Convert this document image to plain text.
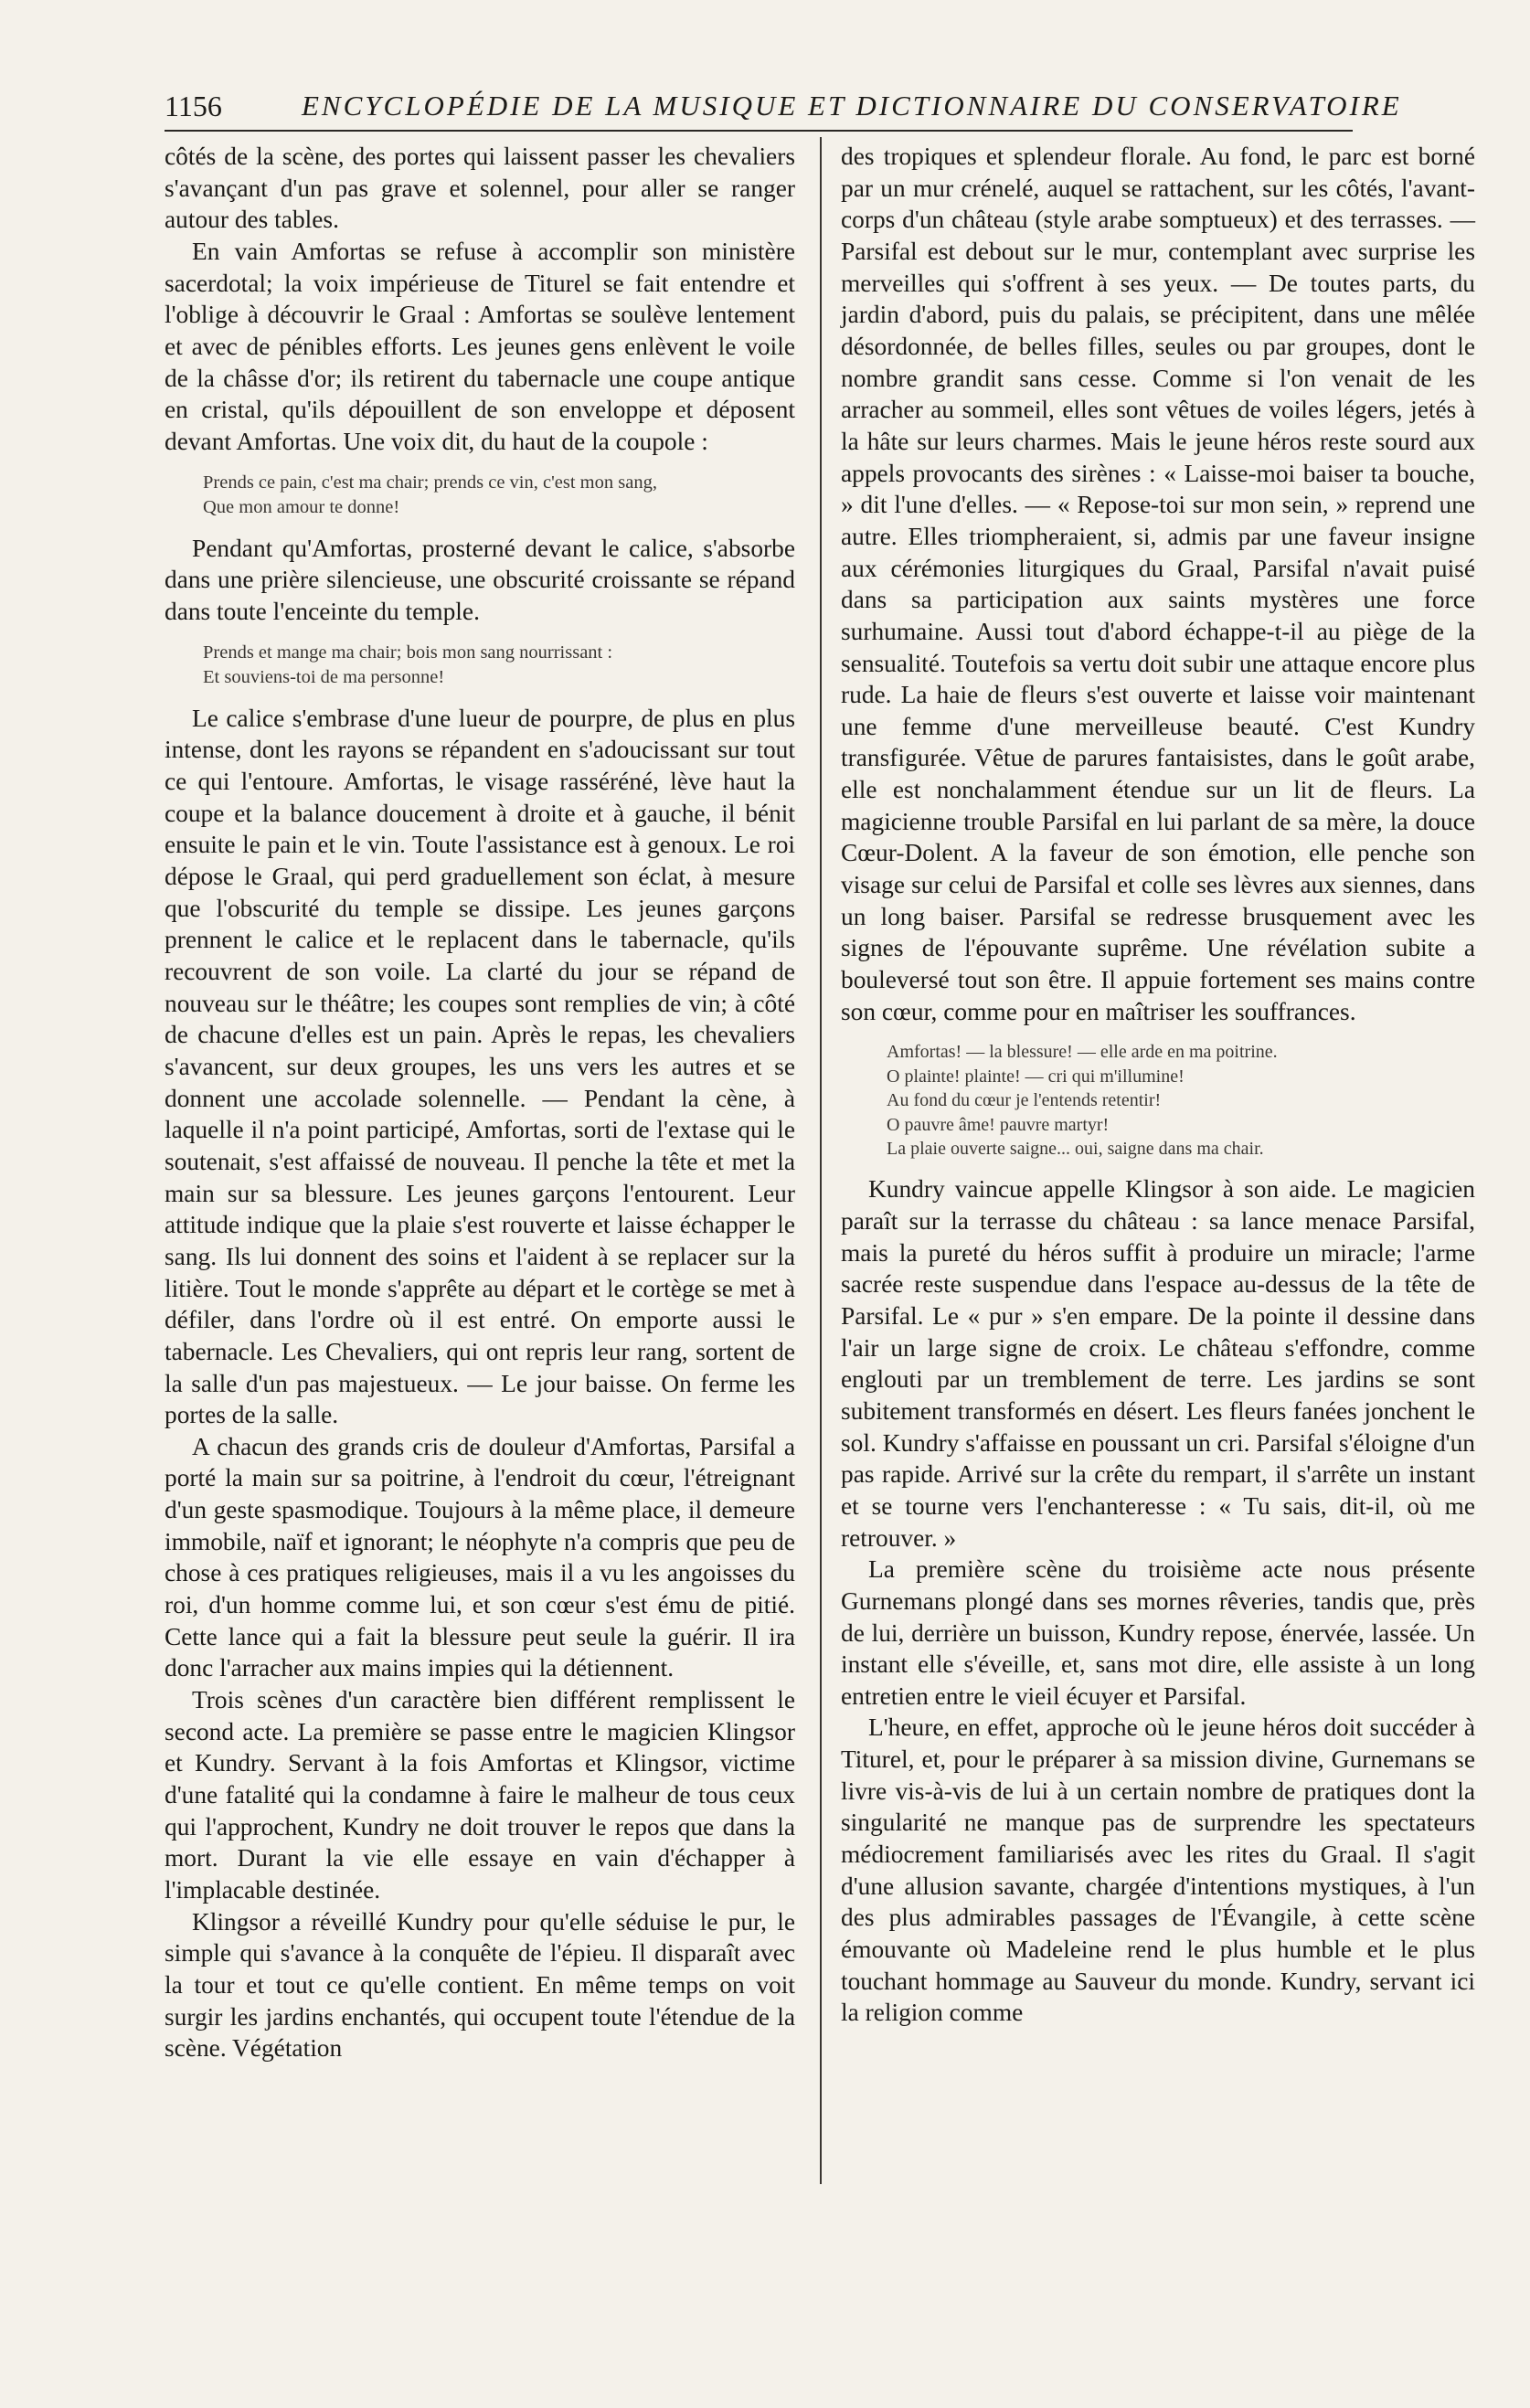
1156	ENCYCLOPÉDIE DE LA MUSIQUE ET DICTIONNAIRE DU CONSERVATOIRE

côtés de la scène, des portes qui laissent passer les chevaliers s'avançant d'un pas grave et solennel, pour aller se ranger autour des tables.

En vain Amfortas se refuse à accomplir son ministère sacerdotal; la voix impérieuse de Titurel se fait entendre et l'oblige à découvrir le Graal : Amfortas se soulève lentement et avec de pénibles efforts. Les jeunes gens enlèvent le voile de la châsse d'or; ils retirent du tabernacle une coupe antique en cristal, qu'ils dépouillent de son enveloppe et déposent devant Amfortas. Une voix dit, du haut de la coupole :

Prends ce pain, c'est ma chair; prends ce vin, c'est mon sang,
Que mon amour te donne!

Pendant qu'Amfortas, prosterné devant le calice, s'absorbe dans une prière silencieuse, une obscurité croissante se répand dans toute l'enceinte du temple.

Prends et mange ma chair; bois mon sang nourrissant :
Et souviens-toi de ma personne!

Le calice s'embrase d'une lueur de pourpre, de plus en plus intense, dont les rayons se répandent en s'adoucissant sur tout ce qui l'entoure. Amfortas, le visage rasséréné, lève haut la coupe et la balance doucement à droite et à gauche, il bénit ensuite le pain et le vin. Toute l'assistance est à genoux. Le roi dépose le Graal, qui perd graduellement son éclat, à mesure que l'obscurité du temple se dissipe. Les jeunes garçons prennent le calice et le replacent dans le tabernacle, qu'ils recouvrent de son voile. La clarté du jour se répand de nouveau sur le théâtre; les coupes sont remplies de vin; à côté de chacune d'elles est un pain. Après le repas, les chevaliers s'avancent, sur deux groupes, les uns vers les autres et se donnent une accolade solennelle. — Pendant la cène, à laquelle il n'a point participé, Amfortas, sorti de l'extase qui le soutenait, s'est affaissé de nouveau. Il penche la tête et met la main sur sa blessure. Les jeunes garçons l'entourent. Leur attitude indique que la plaie s'est rouverte et laisse échapper le sang. Ils lui donnent des soins et l'aident à se replacer sur la litière. Tout le monde s'apprête au départ et le cortège se met à défiler, dans l'ordre où il est entré. On emporte aussi le tabernacle. Les Chevaliers, qui ont repris leur rang, sortent de la salle d'un pas majestueux. — Le jour baisse. On ferme les portes de la salle.

A chacun des grands cris de douleur d'Amfortas, Parsifal a porté la main sur sa poitrine, à l'endroit du cœur, l'étreignant d'un geste spasmodique. Toujours à la même place, il demeure immobile, naïf et ignorant; le néophyte n'a compris que peu de chose à ces pratiques religieuses, mais il a vu les angoisses du roi, d'un homme comme lui, et son cœur s'est ému de pitié. Cette lance qui a fait la blessure peut seule la guérir. Il ira donc l'arracher aux mains impies qui la détiennent.

Trois scènes d'un caractère bien différent remplissent le second acte. La première se passe entre le magicien Klingsor et Kundry. Servant à la fois Amfortas et Klingsor, victime d'une fatalité qui la condamne à faire le malheur de tous ceux qui l'approchent, Kundry ne doit trouver le repos que dans la mort. Durant la vie elle essaye en vain d'échapper à l'implacable destinée.

Klingsor a réveillé Kundry pour qu'elle séduise le pur, le simple qui s'avance à la conquête de l'épieu. Il disparaît avec la tour et tout ce qu'elle contient. En même temps on voit surgir les jardins enchantés, qui occupent toute l'étendue de la scène. Végétation

des tropiques et splendeur florale. Au fond, le parc est borné par un mur crénelé, auquel se rattachent, sur les côtés, l'avant-corps d'un château (style arabe somptueux) et des terrasses. — Parsifal est debout sur le mur, contemplant avec surprise les merveilles qui s'offrent à ses yeux. — De toutes parts, du jardin d'abord, puis du palais, se précipitent, dans une mêlée désordonnée, de belles filles, seules ou par groupes, dont le nombre grandit sans cesse. Comme si l'on venait de les arracher au sommeil, elles sont vêtues de voiles légers, jetés à la hâte sur leurs charmes. Mais le jeune héros reste sourd aux appels provocants des sirènes : « Laisse-moi baiser ta bouche, » dit l'une d'elles. — « Repose-toi sur mon sein, » reprend une autre. Elles triompheraient, si, admis par une faveur insigne aux cérémonies liturgiques du Graal, Parsifal n'avait puisé dans sa participation aux saints mystères une force surhumaine. Aussi tout d'abord échappe-t-il au piège de la sensualité. Toutefois sa vertu doit subir une attaque encore plus rude. La haie de fleurs s'est ouverte et laisse voir maintenant une femme d'une merveilleuse beauté. C'est Kundry transfigurée. Vêtue de parures fantaisistes, dans le goût arabe, elle est nonchalamment étendue sur un lit de fleurs. La magicienne trouble Parsifal en lui parlant de sa mère, la douce Cœur-Dolent. A la faveur de son émotion, elle penche son visage sur celui de Parsifal et colle ses lèvres aux siennes, dans un long baiser. Parsifal se redresse brusquement avec les signes de l'épouvante suprême. Une révélation subite a bouleversé tout son être. Il appuie fortement ses mains contre son cœur, comme pour en maîtriser les souffrances.

Amfortas! — la blessure! — elle arde en ma poitrine.
O plainte! plainte! — cri qui m'illumine!
Au fond du cœur je l'entends retentir!
O pauvre âme! pauvre martyr!
La plaie ouverte saigne... oui, saigne dans ma chair.

Kundry vaincue appelle Klingsor à son aide. Le magicien paraît sur la terrasse du château : sa lance menace Parsifal, mais la pureté du héros suffit à produire un miracle; l'arme sacrée reste suspendue dans l'espace au-dessus de la tête de Parsifal. Le « pur » s'en empare. De la pointe il dessine dans l'air un large signe de croix. Le château s'effondre, comme englouti par un tremblement de terre. Les jardins se sont subitement transformés en désert. Les fleurs fanées jonchent le sol. Kundry s'affaisse en poussant un cri. Parsifal s'éloigne d'un pas rapide. Arrivé sur la crête du rempart, il s'arrête un instant et se tourne vers l'enchanteresse : « Tu sais, dit-il, où me retrouver. »

La première scène du troisième acte nous présente Gurnemans plongé dans ses mornes rêveries, tandis que, près de lui, derrière un buisson, Kundry repose, énervée, lassée. Un instant elle s'éveille, et, sans mot dire, elle assiste à un long entretien entre le vieil écuyer et Parsifal.

L'heure, en effet, approche où le jeune héros doit succéder à Titurel, et, pour le préparer à sa mission divine, Gurnemans se livre vis-à-vis de lui à un certain nombre de pratiques dont la singularité ne manque pas de surprendre les spectateurs médiocrement familiarisés avec les rites du Graal. Il s'agit d'une allusion savante, chargée d'intentions mystiques, à l'un des plus admirables passages de l'Évangile, à cette scène émouvante où Madeleine rend le plus humble et le plus touchant hommage au Sauveur du monde. Kundry, servant ici la religion comme
